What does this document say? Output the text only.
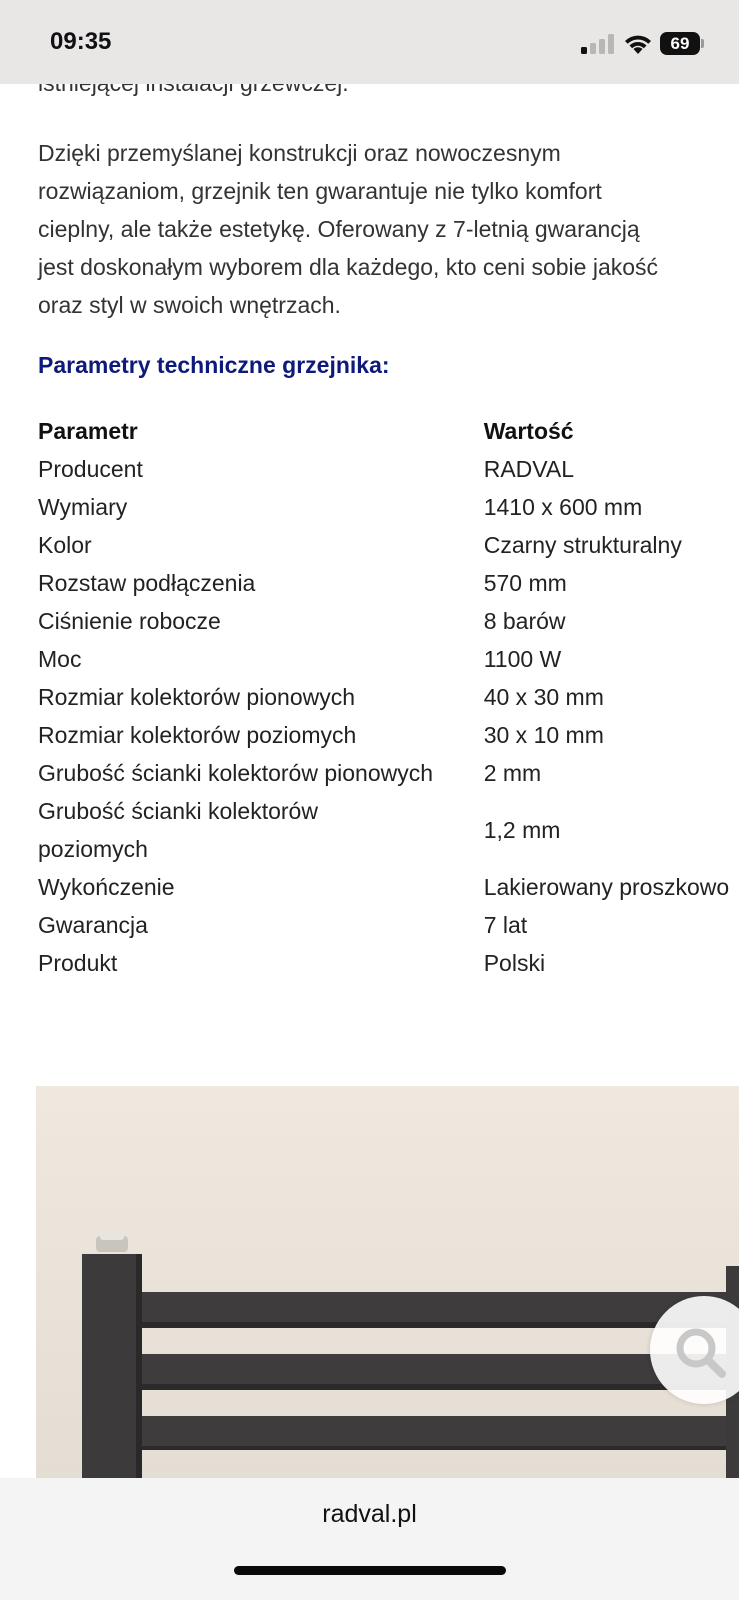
09:35	69

Dzięki przemyślanej konstrukcji oraz nowoczesnym
rozwiązaniom, grzejnik ten gwarantuje nie tylko komfort
cieplny, ale także estetykę. Oferowany z 7-letnią gwarancją
jest doskonałym wyborem dla każdego, kto ceni sobie jakość
oraz styl w swoich wnętrzach.

Parametry techniczne grzejnika:
Parametr	Wartość
Producent	RADVAL
Wymiary	1410 x 600 mm
Kolor	Czarny strukturalny
Rozstaw podłączenia	570 mm
Ciśnienie robocze	8 barów
Moc	1100 W
Rozmiar kolektorów pionowych	40 x 30 mm
Rozmiar kolektorów poziomych	30 x 10 mm
Grubość ścianki kolektorów pionowych	2 mm
Grubość ścianki kolektorów poziomych	1,2 mm
Wykończenie	Lakierowany proszkowo
Gwarancja	7 lat
Produkt	Polski
radval.pl
